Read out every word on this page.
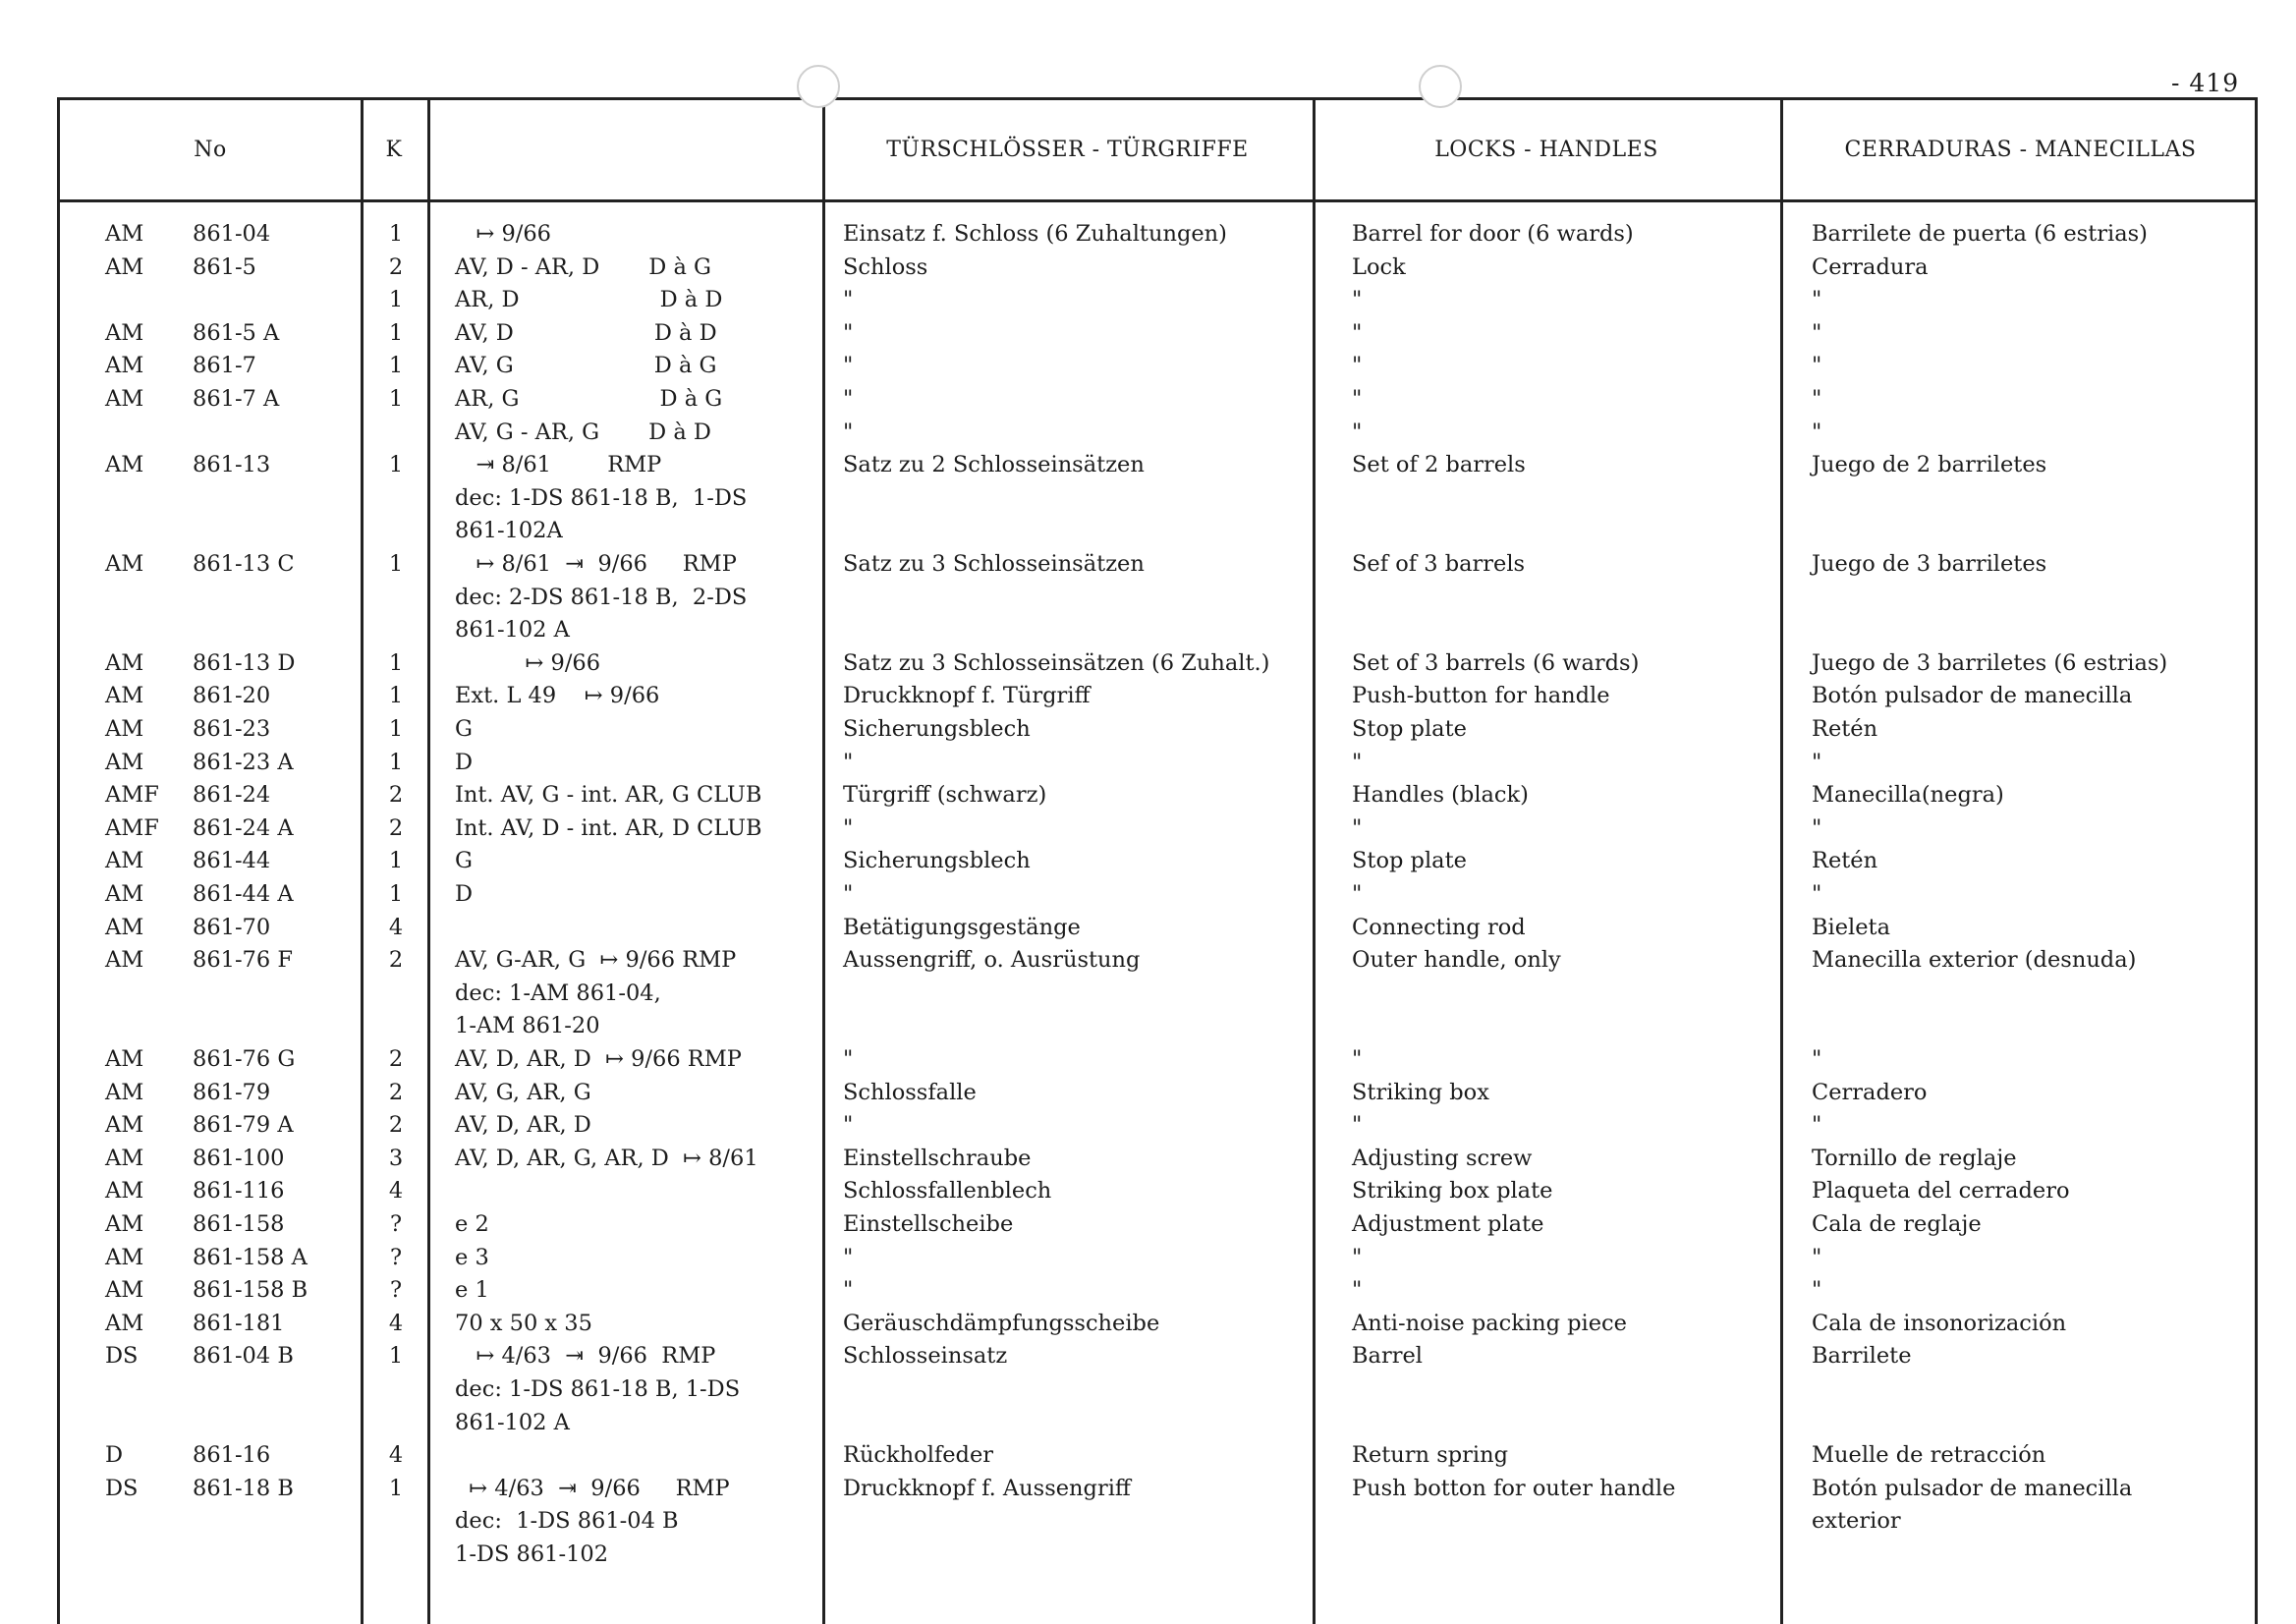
- 419
No	K	TÜRSCHLÖSSER - TÜRGRIFFE	LOCKS - HANDLES	CERRADURAS - MANECILLAS
AM 861-04	1 ↦ 9/66	Einsatz f. Schloss (6 Zuhaltungen)	Barrel for door (6 wards)	Barrilete de puerta (6 estrias)
AM 861-5	2 AV, D - AR, D       D à G	Schloss	Lock	Cerradura
1 AR, D                    D à D	"	"	"
AM 861-5 A	1 AV, D                    D à D	"	"	"
AM 861-7	1 AV, G                    D à G	"	"	"
AM 861-7 A	1 AR, G                    D à G	"	"	"
AV, G - AR, G       D à D	"	"	"
AM 861-13	1 ⇥ 8/61        RMP	Satz zu 2 Schlosseinsätzen	Set of 2 barrels	Juego de 2 barriletes
dec: 1-DS 861-18 B,  1-DS
861-102A
AM 861-13 C	1 ↦ 8/61  ⇥  9/66     RMP	Satz zu 3 Schlosseinsätzen	Sef of 3 barrels	Juego de 3 barriletes
dec: 2-DS 861-18 B,  2-DS
861-102 A
AM 861-13 D	1 ↦ 9/66	Satz zu 3 Schlosseinsätzen (6 Zuhalt.)	Set of 3 barrels (6 wards)	Juego de 3 barriletes (6 estrias)
AM 861-20	1 Ext. L 49    ↦ 9/66	Druckknopf f. Türgriff	Push-button for handle	Botón pulsador de manecilla
AM 861-23	1 G	Sicherungsblech	Stop plate	Retén
AM 861-23 A	1 D	"	"	"
AMF 861-24	2 Int. AV, G - int. AR, G CLUB	Türgriff (schwarz)	Handles (black)	Manecilla(negra)
AMF 861-24 A	2 Int. AV, D - int. AR, D CLUB	"	"	"
AM 861-44	1 G	Sicherungsblech	Stop plate	Retén
AM 861-44 A	1 D	"	"	"
AM 861-70	4	Betätigungsgestänge	Connecting rod	Bieleta
AM 861-76 F	2 AV, G-AR, G  ↦ 9/66 RMP	Aussengriff, o. Ausrüstung	Outer handle, only	Manecilla exterior (desnuda)
dec: 1-AM 861-04,
1-AM 861-20
AM 861-76 G	2 AV, D, AR, D  ↦ 9/66 RMP	"	"	"
AM 861-79	2 AV, G, AR, G	Schlossfalle	Striking box	Cerradero
AM 861-79 A	2 AV, D, AR, D	"	"	"
AM 861-100	3 AV, D, AR, G, AR, D  ↦ 8/61	Einstellschraube	Adjusting screw	Tornillo de reglaje
AM 861-116	4	Schlossfallenblech	Striking box plate	Plaqueta del cerradero
AM 861-158	? e 2	Einstellscheibe	Adjustment plate	Cala de reglaje
AM 861-158 A	? e 3	"	"	"
AM 861-158 B	? e 1	"	"	"
AM 861-181	4 70 x 50 x 35	Geräuschdämpfungsscheibe	Anti-noise packing piece	Cala de insonorización
DS 861-04 B	1 ↦ 4/63  ⇥  9/66  RMP	Schlosseinsatz	Barrel	Barrilete
dec: 1-DS 861-18 B, 1-DS
861-102 A
D	861-16	4	Rückholfeder	Return spring	Muelle de retracción
DS 861-18 B	1 ↦ 4/63  ⇥  9/66     RMP	Druckknopf f. Aussengriff	Push botton for outer handle	Botón pulsador de manecilla
dec:  1-DS 861-04 B	exterior
1-DS 861-102
